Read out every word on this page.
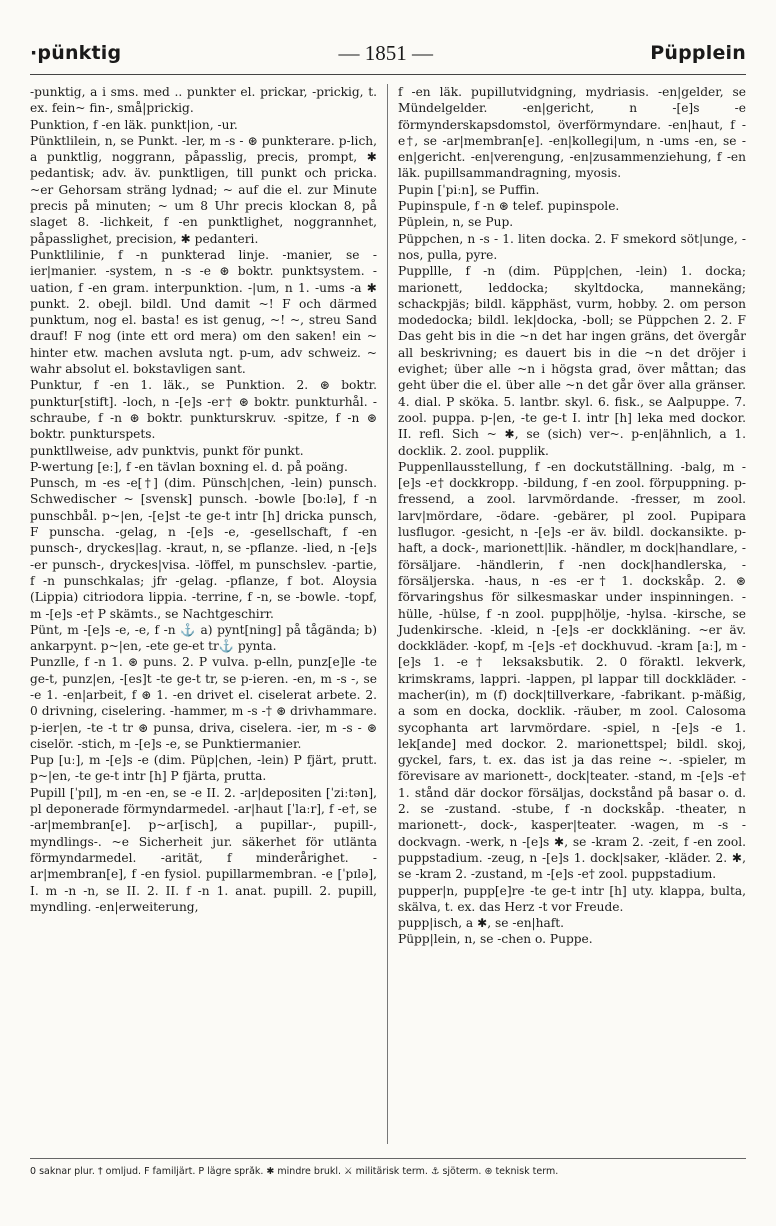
·pünktig	— 1851 —	Püpplein

-punktig, a i sms. med .. punkter el. prickar, -prickig, t. ex. fein~ fin-, små|prickig.

Punktion, f -en läk. punkt|ion, -ur.

Pünktlilein, n, se Punkt. -ler, m -s - ⊛ punkterare. p-lich, a punktlig, noggrann, påpasslig, precis, prompt, ✱ pedantisk; adv. äv. punktligen, till punkt och pricka. ~er Gehorsam sträng lydnad; ~ auf die el. zur Minute precis på minuten; ~ um 8 Uhr precis klockan 8, på slaget 8. -lichkeit, f -en punktlighet, noggrannhet, påpasslighet, precision, ✱ pedanteri.

Punktlilinie, f -n punkterad linje. -manier, se -ier|manier. -system, n -s -e ⊛ boktr. punktsystem. -uation, f -en gram. interpunktion. -|um, n 1. -ums -a ✱ punkt. 2. obejl. bildl. Und damit ~! F och därmed punktum, nog el. basta! es ist genug, ~! ~, streu Sand drauf! F nog (inte ett ord mera) om den saken! ein ~ hinter etw. machen avsluta ngt. p-um, adv schweiz. ~ wahr absolut el. bokstavligen sant.

Punktur, f -en 1. läk., se Punktion. 2. ⊛ boktr. punktur[stift]. -loch, n -[e]s -er† ⊛ boktr. punkturhål. -schraube, f -n ⊛ boktr. punkturskruv. -spitze, f -n ⊛ boktr. punkturspets.

punktllweise, adv punktvis, punkt för punkt.

P-wertung [eː], f -en tävlan boxning el. d. på poäng.

Punsch, m -es -e[†] (dim. Pünsch|chen, -lein) punsch. Schwedischer ~ [svensk] punsch. -bowle [boːlə], f -n punschbål. p~|en, -[e]st -te ge-t intr [h] dricka punsch, F punscha. -gelag, n -[e]s -e, -gesellschaft, f -en punsch-, dryckes|lag. -kraut, n, se -pflanze. -lied, n -[e]s -er punsch-, dryckes|visa. -löffel, m punschslev. -partie, f -n punschkalas; jfr -gelag. -pflanze, f bot. Aloysia (Lippia) citriodora lippia. -terrine, f -n, se -bowle. -topf, m -[e]s -e† P skämts., se Nachtgeschirr.

Pünt, m -[e]s -e, -e, f -n ⚓ a) pynt[ning] på tågända; b) ankarpynt. p~|en, -ete ge-et tr⚓ pynta.

Punzlle, f -n 1. ⊛ puns. 2. P vulva. p-elln, punz[e]le -te ge-t, punz|en, -[es]t -te ge-t tr, se p-ieren. -en, m -s -, se -e 1. -en|arbeit, f ⊛ 1. -en drivet el. ciselerat arbete. 2. 0 drivning, ciselering. -hammer, m -s -† ⊛ drivhammare. p-ier|en, -te -t tr ⊛ punsa, driva, ciselera. -ier, m -s - ⊛ ciselör. -stich, m -[e]s -e, se Punktiermanier.

Pup [uː], m -[e]s -e (dim. Püp|chen, -lein) P fjärt, prutt. p~|en, -te ge-t intr [h] P fjärta, prutta.

Pupill [ˈpɪl], m -en -en, se -e II. 2. -ar|depositen [ˈziːtən], pl deponerade förmyndarmedel. -ar|haut [ˈlaːr], f -e†, se -ar|membran[e]. p~ar[isch], a pupillar-, pupill-, myndlings-. ~e Sicherheit jur. säkerhet för utlänta förmyndarmedel. -arität, f minderårighet. -ar|membran[e], f -en fysiol. pupillarmembran. -e [ˈpɪlə], I. m -n -n, se II. 2. II. f -n 1. anat. pupill. 2. pupill, myndling. -en|erweiterung,

f -en läk. pupillutvidgning, mydriasis. -en|gelder, se Mündelgelder. -en|gericht, n -[e]s -e förmynderskapsdomstol, överförmyndare. -en|haut, f -e†, se -ar|membran[e]. -en|kollegi|um, n -ums -en, se -en|gericht. -en|verengung, -en|zusammenziehung, f -en läk. pupillsammandragning, myosis.

Pupin [ˈpiːn], se Puffin.

Pupinspule, f -n ⊛ telef. pupinspole.

Püplein, n, se Pup.

Püppchen, n -s - 1. liten docka. 2. F smekord söt|unge, -nos, pulla, pyre.

Puppllle, f -n (dim. Püpp|chen, -lein) 1. docka; marionett, leddocka; skyltdocka, mannekäng; schackpjäs; bildl. käpphäst, vurm, hobby. 2. om person modedocka; bildl. lek|docka, -boll; se Püppchen 2. 2. F Das geht bis in die ~n det har ingen gräns, det övergår all beskrivning; es dauert bis in die ~n det dröjer i evighet; über alle ~n i högsta grad, över måttan; das geht über die el. über alle ~n det går över alla gränser. 4. dial. P sköka. 5. lantbr. skyl. 6. fisk., se Aalpuppe. 7. zool. puppa. p-|en, -te ge-t I. intr [h] leka med dockor. II. refl. Sich ~ ✱, se (sich) ver~. p-en|ähnlich, a 1. docklik. 2. zool. pupplik.

Puppenllausstellung, f -en dockutställning. -balg, m -[e]s -e† dockkropp. -bildung, f -en zool. förpuppning. p-fressend, a zool. larvmördande. -fresser, m zool. larv|mördare, -ödare. -gebärer, pl zool. Pupipara lusflugor. -gesicht, n -[e]s -er äv. bildl. dockansikte. p-haft, a dock-, marionett|lik. -händler, m dock|handlare, -försäljare. -händlerin, f -nen dock|handlerska, -försäljerska. -haus, n -es -er† 1. dockskåp. 2. ⊛ förvaringshus för silkesmaskar under inspinningen. -hülle, -hülse, f -n zool. pupp|hölje, -hylsa. -kirsche, se Judenkirsche. -kleid, n -[e]s -er dockkläning. ~er äv. dockkläder. -kopf, m -[e]s -e† dockhuvud. -kram [aː], m -[e]s 1. -e† leksaksbutik. 2. 0 föraktl. lekverk, krimskrams, lappri. -lappen, pl lappar till dockkläder. -macher(in), m (f) dock|tillverkare, -fabrikant. p-mäßig, a som en docka, docklik. -räuber, m zool. Calosoma sycophanta art larvmördare. -spiel, n -[e]s -e 1. lek[ande] med dockor. 2. marionettspel; bildl. skoj, gyckel, fars, t. ex. das ist ja das reine ~. -spieler, m förevisare av marionett-, dock|teater. -stand, m -[e]s -e† 1. stånd där dockor försäljas, dockstånd på basar o. d. 2. se -zustand. -stube, f -n dockskåp. -theater, n marionett-, dock-, kasper|teater. -wagen, m -s - dockvagn. -werk, n -[e]s ✱, se -kram 2. -zeit, f -en zool. puppstadium. -zeug, n -[e]s 1. dock|saker, -kläder. 2. ✱, se -kram 2. -zustand, m -[e]s -e† zool. puppstadium.

pupper|n, pupp[e]re -te ge-t intr [h] uty. klappa, bulta, skälva, t. ex. das Herz -t vor Freude.

pupp|isch, a ✱, se -en|haft.

Püpp|lein, n, se -chen o. Puppe.

0 saknar plur. † omljud. F familjärt. P lägre språk. ✱ mindre brukl. ⚔ militärisk term. ⚓ sjöterm. ⊛ teknisk term.
